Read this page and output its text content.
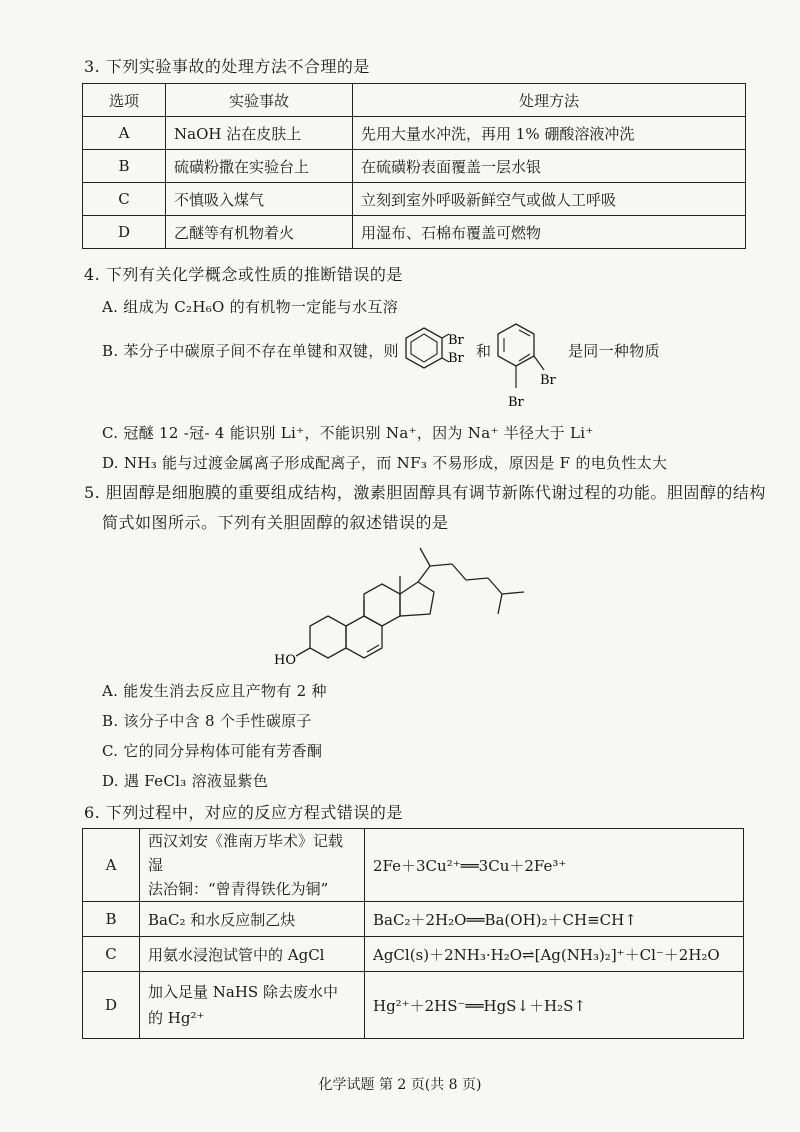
3. 下列实验事故的处理方法不合理的是
选项	实验事故	处理方法
A	NaOH 沾在皮肤上	先用大量水冲洗，再用 1% 硼酸溶液冲洗
B	硫磺粉撒在实验台上	在硫磺粉表面覆盖一层水银
C	不慎吸入煤气	立刻到室外呼吸新鲜空气或做人工呼吸
D	乙醚等有机物着火	用湿布、石棉布覆盖可燃物
4. 下列有关化学概念或性质的推断错误的是
A. 组成为 C₂H₆O 的有机物一定能与水互溶
B. 苯分子中碳原子间不存在单键和双键，则
Br
Br 和
Br
Br
是同一种物质
C. 冠醚 12 -冠- 4 能识别 Li⁺，不能识别 Na⁺，因为 Na⁺ 半径大于 Li⁺
D. NH₃ 能与过渡金属离子形成配离子，而 NF₃ 不易形成，原因是 F 的电负性太大
5. 胆固醇是细胞膜的重要组成结构，激素胆固醇具有调节新陈代谢过程的功能。胆固醇的结构
简式如图所示。下列有关胆固醇的叙述错误的是
HO
A. 能发生消去反应且产物有 2 种
B. 该分子中含 8 个手性碳原子
C. 它的同分异构体可能有芳香酮
D. 遇 FeCl₃ 溶液显紫色
6. 下列过程中，对应的反应方程式错误的是
A	西汉刘安《淮南万毕术》记载湿
法冶铜：“曾青得铁化为铜”	2Fe＋3Cu²⁺══3Cu＋2Fe³⁺
B	BaC₂ 和水反应制乙炔	BaC₂＋2H₂O══Ba(OH)₂＋CH≡CH↑
C	用氨水浸泡试管中的 AgCl	AgCl(s)＋2NH₃·H₂O⇌[Ag(NH₃)₂]⁺＋Cl⁻＋2H₂O
D	加入足量 NaHS 除去废水中
的 Hg²⁺	Hg²⁺＋2HS⁻══HgS↓＋H₂S↑
化学试题 第 2 页(共 8 页)
